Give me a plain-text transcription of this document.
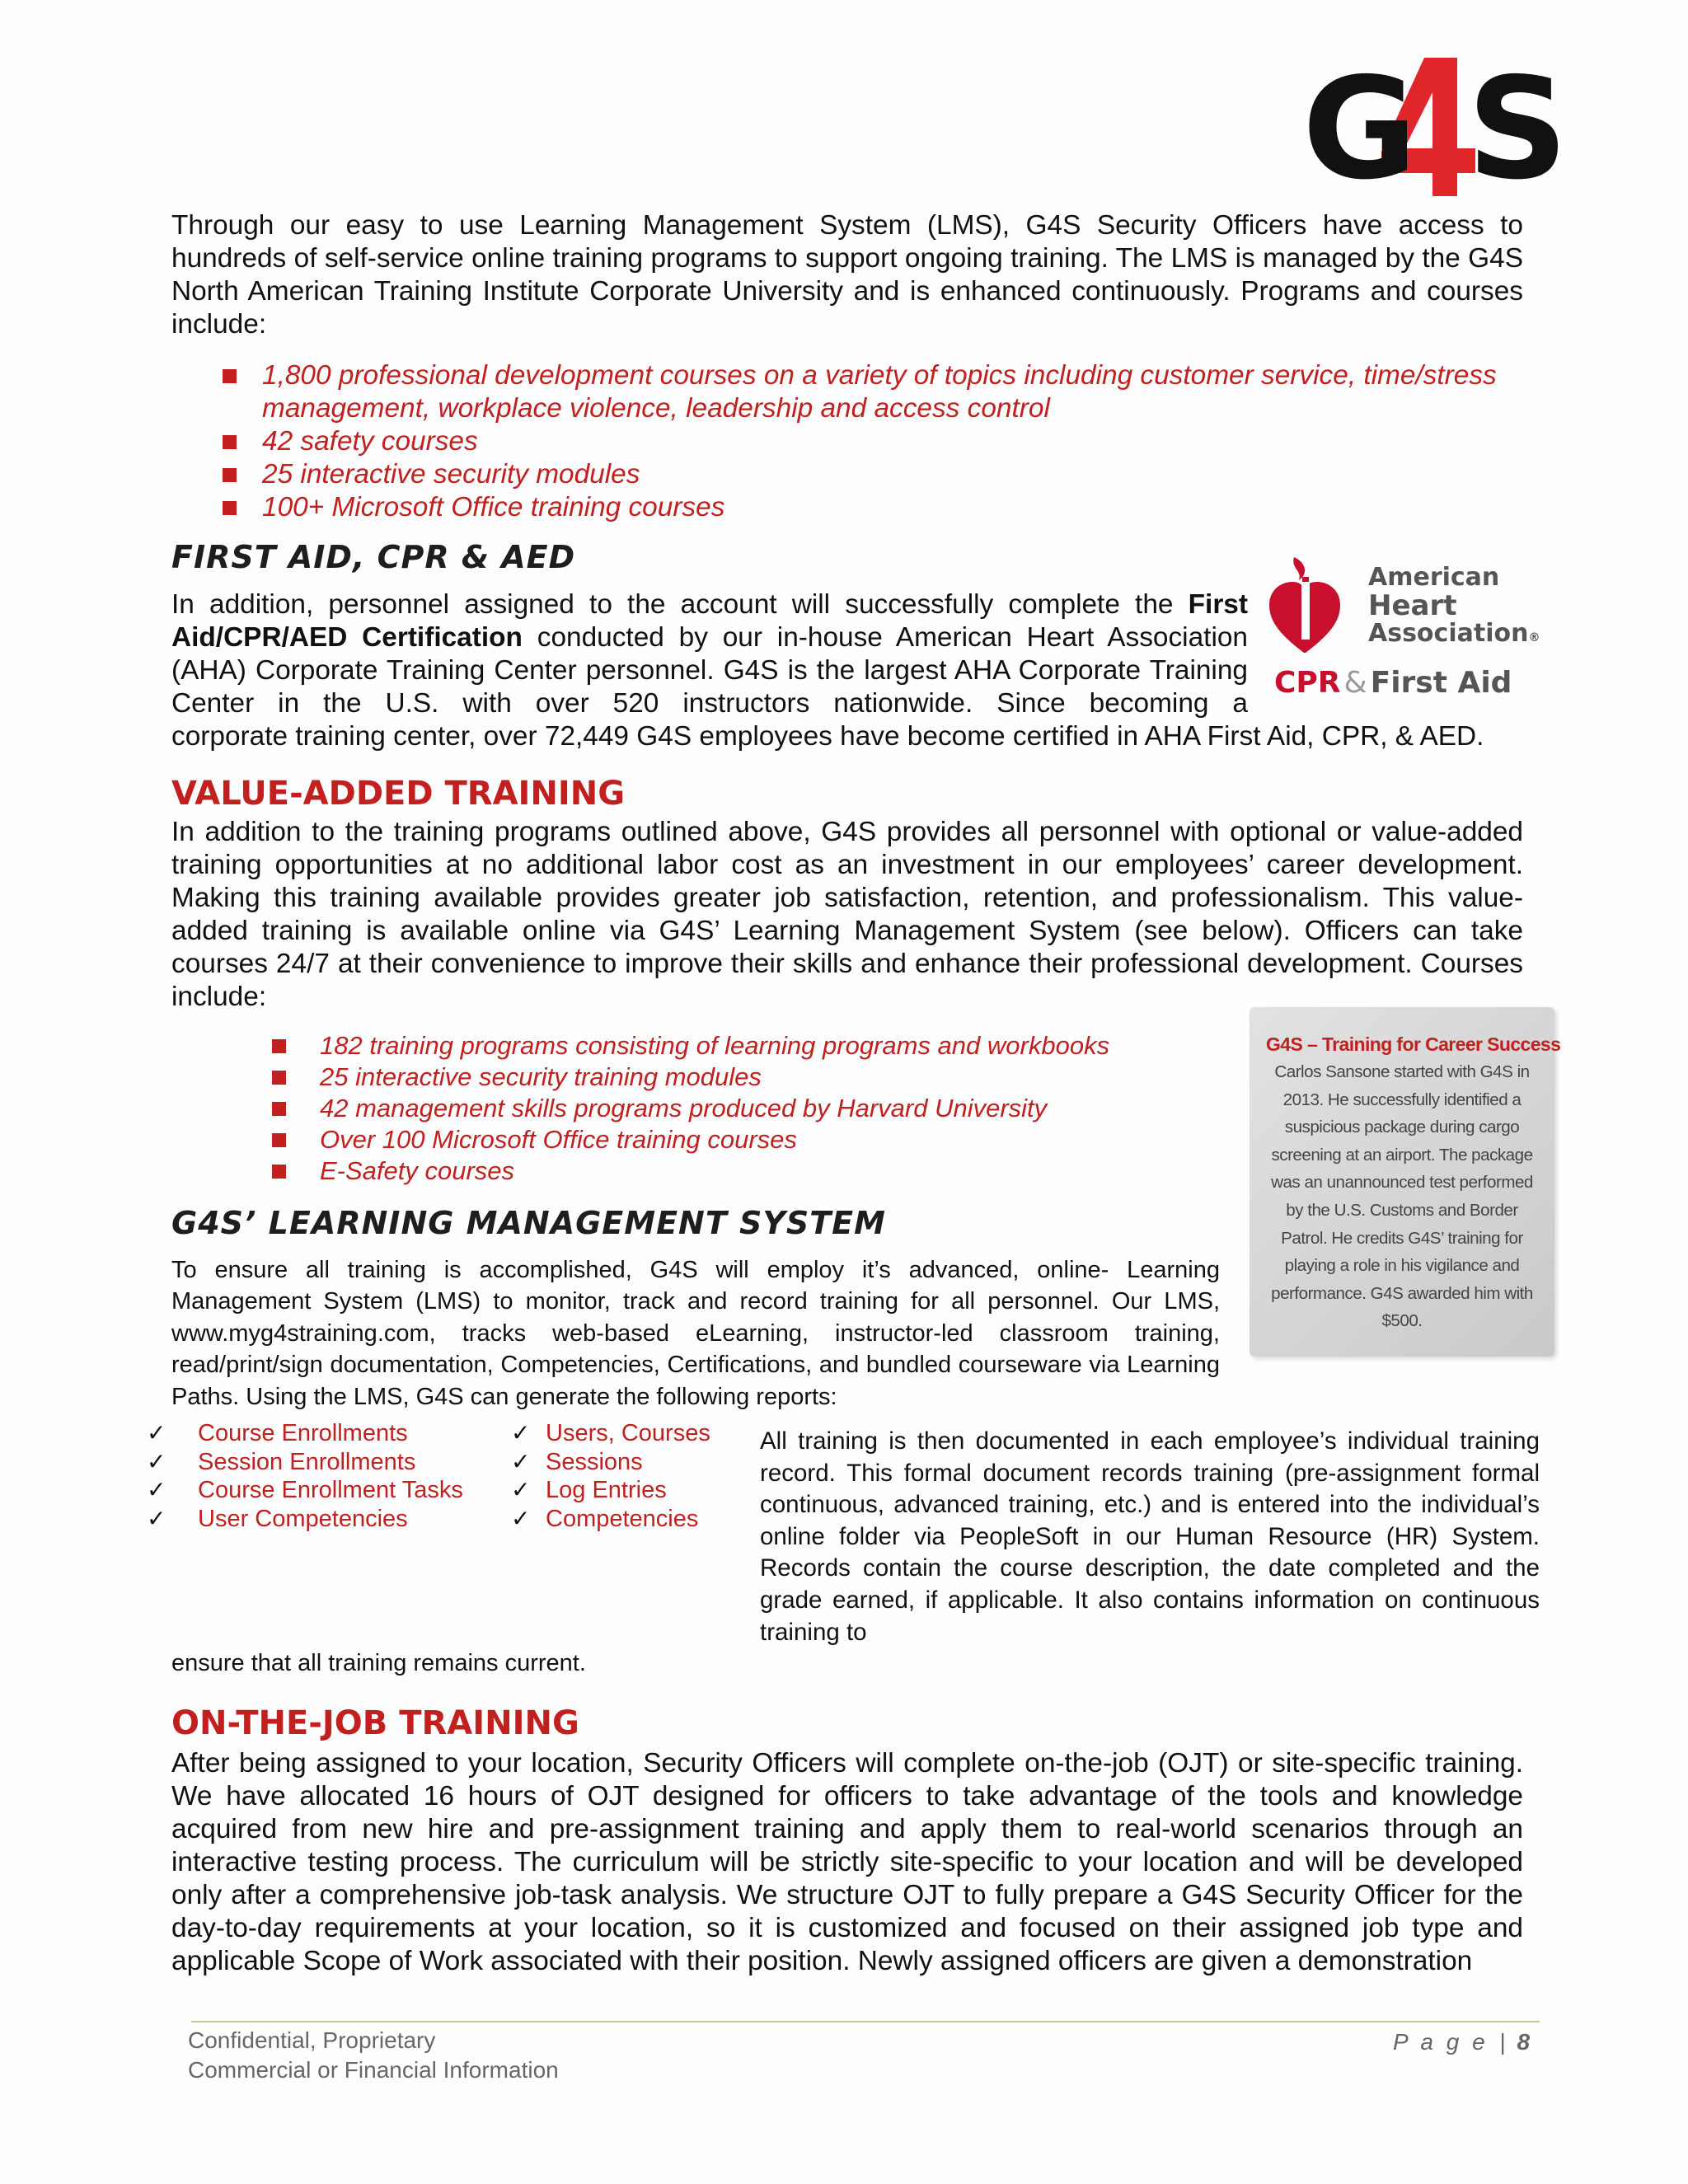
G S

Through our easy to use Learning Management System (LMS), G4S Security Officers have access to hundreds of self-service online training programs to support ongoing training. The LMS is managed by the G4S North American Training Institute Corporate University and is enhanced continuously. Programs and courses include:

1,800 professional development courses on a variety of topics including customer service, time/stress management, workplace violence, leadership and access control
42 safety courses
25 interactive security modules
100+ Microsoft Office training courses
FIRST AID, CPR & AED

In addition, personnel assigned to the account will successfully complete the First Aid/CPR/AED Certification conducted by our in-house American Heart Association (AHA) Corporate Training Center personnel. G4S is the largest AHA Corporate Training Center in the U.S. with over 520 instructors nationwide. Since becoming a

corporate training center, over 72,449 G4S employees have become certified in AHA First Aid, CPR, & AED.

American
Heart
Association®
CPR & First Aid
VALUE-ADDED TRAINING

In addition to the training programs outlined above, G4S provides all personnel with optional or value-added training opportunities at no additional labor cost as an investment in our employees’ career development. Making this training available provides greater job satisfaction, retention, and professionalism. This value-added training is available online via G4S’ Learning Management System (see below). Officers can take courses 24/7 at their convenience to improve their skills and enhance their professional development. Courses include:

182 training programs consisting of learning programs and workbooks
25 interactive security training modules
42 management skills programs produced by Harvard University
Over 100 Microsoft Office training courses
E-Safety courses
G4S – Training for Career Success
Carlos Sansone started with G4S in 2013. He successfully identified a suspicious package during cargo screening at an airport. The package was an unannounced test performed by the U.S. Customs and Border Patrol. He credits G4S’ training for playing a role in his vigilance and performance. G4S awarded him with $500.
G4S’ LEARNING MANAGEMENT SYSTEM

To ensure all training is accomplished, G4S will employ it’s advanced, online- Learning Management System (LMS) to monitor, track and record training for all personnel. Our LMS, www.myg4straining.com, tracks web-based eLearning, instructor-led classroom training, read/print/sign documentation, Competencies, Certifications, and bundled courseware via Learning Paths. Using the LMS, G4S can generate the following reports:

✓ Course Enrollments
✓ Session Enrollments
✓ Course Enrollment Tasks
✓ User Competencies
✓ Users, Courses
✓ Sessions
✓ Log Entries
✓ Competencies

All training is then documented in each employee’s individual training record. This formal document records training (pre-assignment formal continuous, advanced training, etc.) and is entered into the individual’s online folder via PeopleSoft in our Human Resource (HR) System. Records contain the course description, the date completed and the grade earned, if applicable. It also contains information on continuous training to

ensure that all training remains current.

ON-THE-JOB TRAINING

After being assigned to your location, Security Officers will complete on-the-job (OJT) or site-specific training. We have allocated 16 hours of OJT designed for officers to take advantage of the tools and knowledge acquired from new hire and pre-assignment training and apply them to real-world scenarios through an interactive testing process. The curriculum will be strictly site-specific to your location and will be developed only after a comprehensive job-task analysis. We structure OJT to fully prepare a G4S Security Officer for the day-to-day requirements at your location, so it is customized and focused on their assigned job type and applicable Scope of Work associated with their position. Newly assigned officers are given a demonstration

Confidential, Proprietary
Commercial or Financial Information
P a g e | 8
